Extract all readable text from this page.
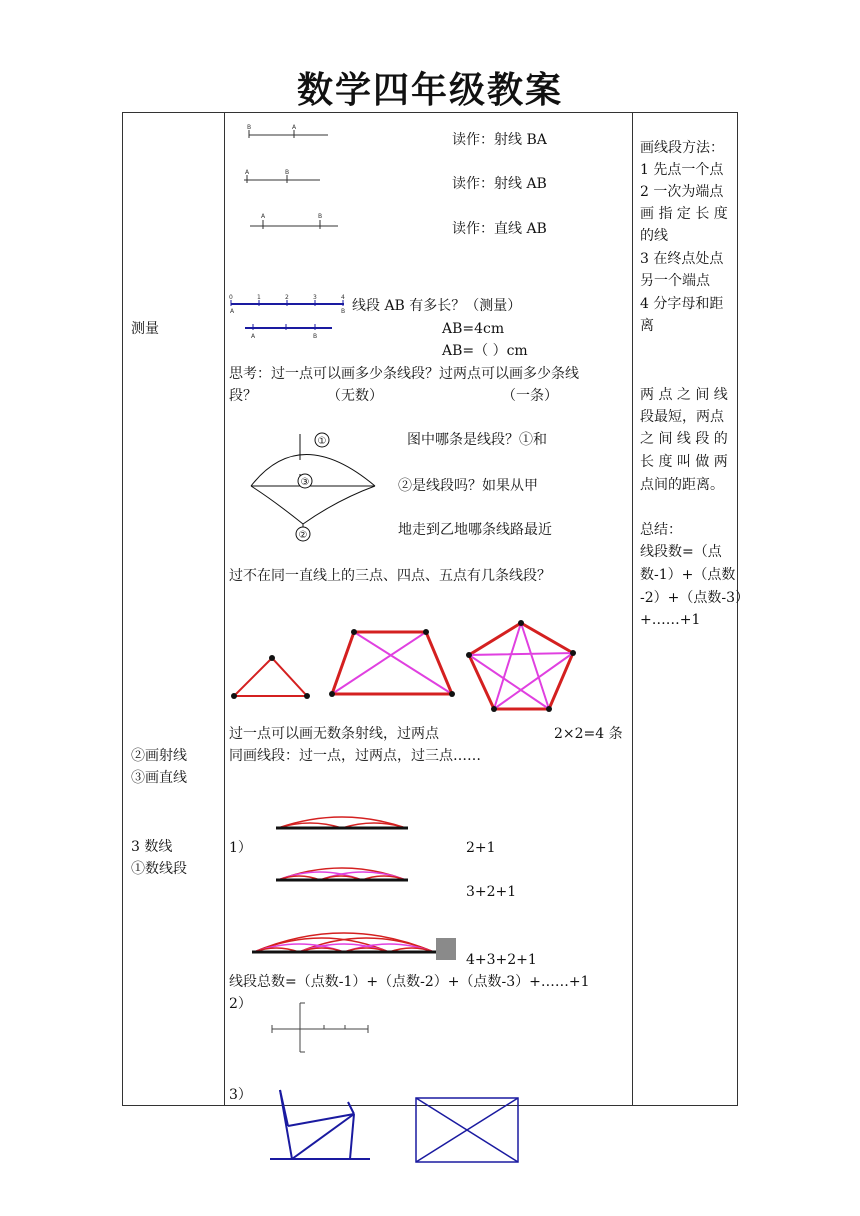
数学四年级教案
测量
②画射线
③画直线
3 数线
①数线段
B	A
A	B
A	B
读作：射线 BA
读作：射线 AB
读作：直线 AB
0	1	2	3	4
A	B
A	B
线段 AB 有多长？（测量）
AB=4cm
AB=（ ）cm
思考：过一点可以画多少条线段？过两点可以画多少条线
段？	（无数）	（一条）
①
③
②
图中哪条是线段？①和
②是线段吗？如果从甲
地走到乙地哪条线路最近
过不在同一直线上的三点、四点、五点有几条线段？
过一点可以画无数条射线，过两点	2×2=4 条
同画线段：过一点，过两点，过三点……
1）	2+1
3+2+1
4+3+2+1
线段总数=（点数-1）+（点数-2）+（点数-3）+……+1
2）
3）
画线段方法：
1 先点一个点
2 一次为端点
画 指 定 长 度
的线
3 在终点处点
另一个端点
4 分字母和距
离
两 点 之 间 线
段最短，两点
之 间 线 段 的
长 度 叫 做 两
点间的距离。
总结：
线段数=（点
数-1）+（点数
-2）+（点数-3）
+……+1
